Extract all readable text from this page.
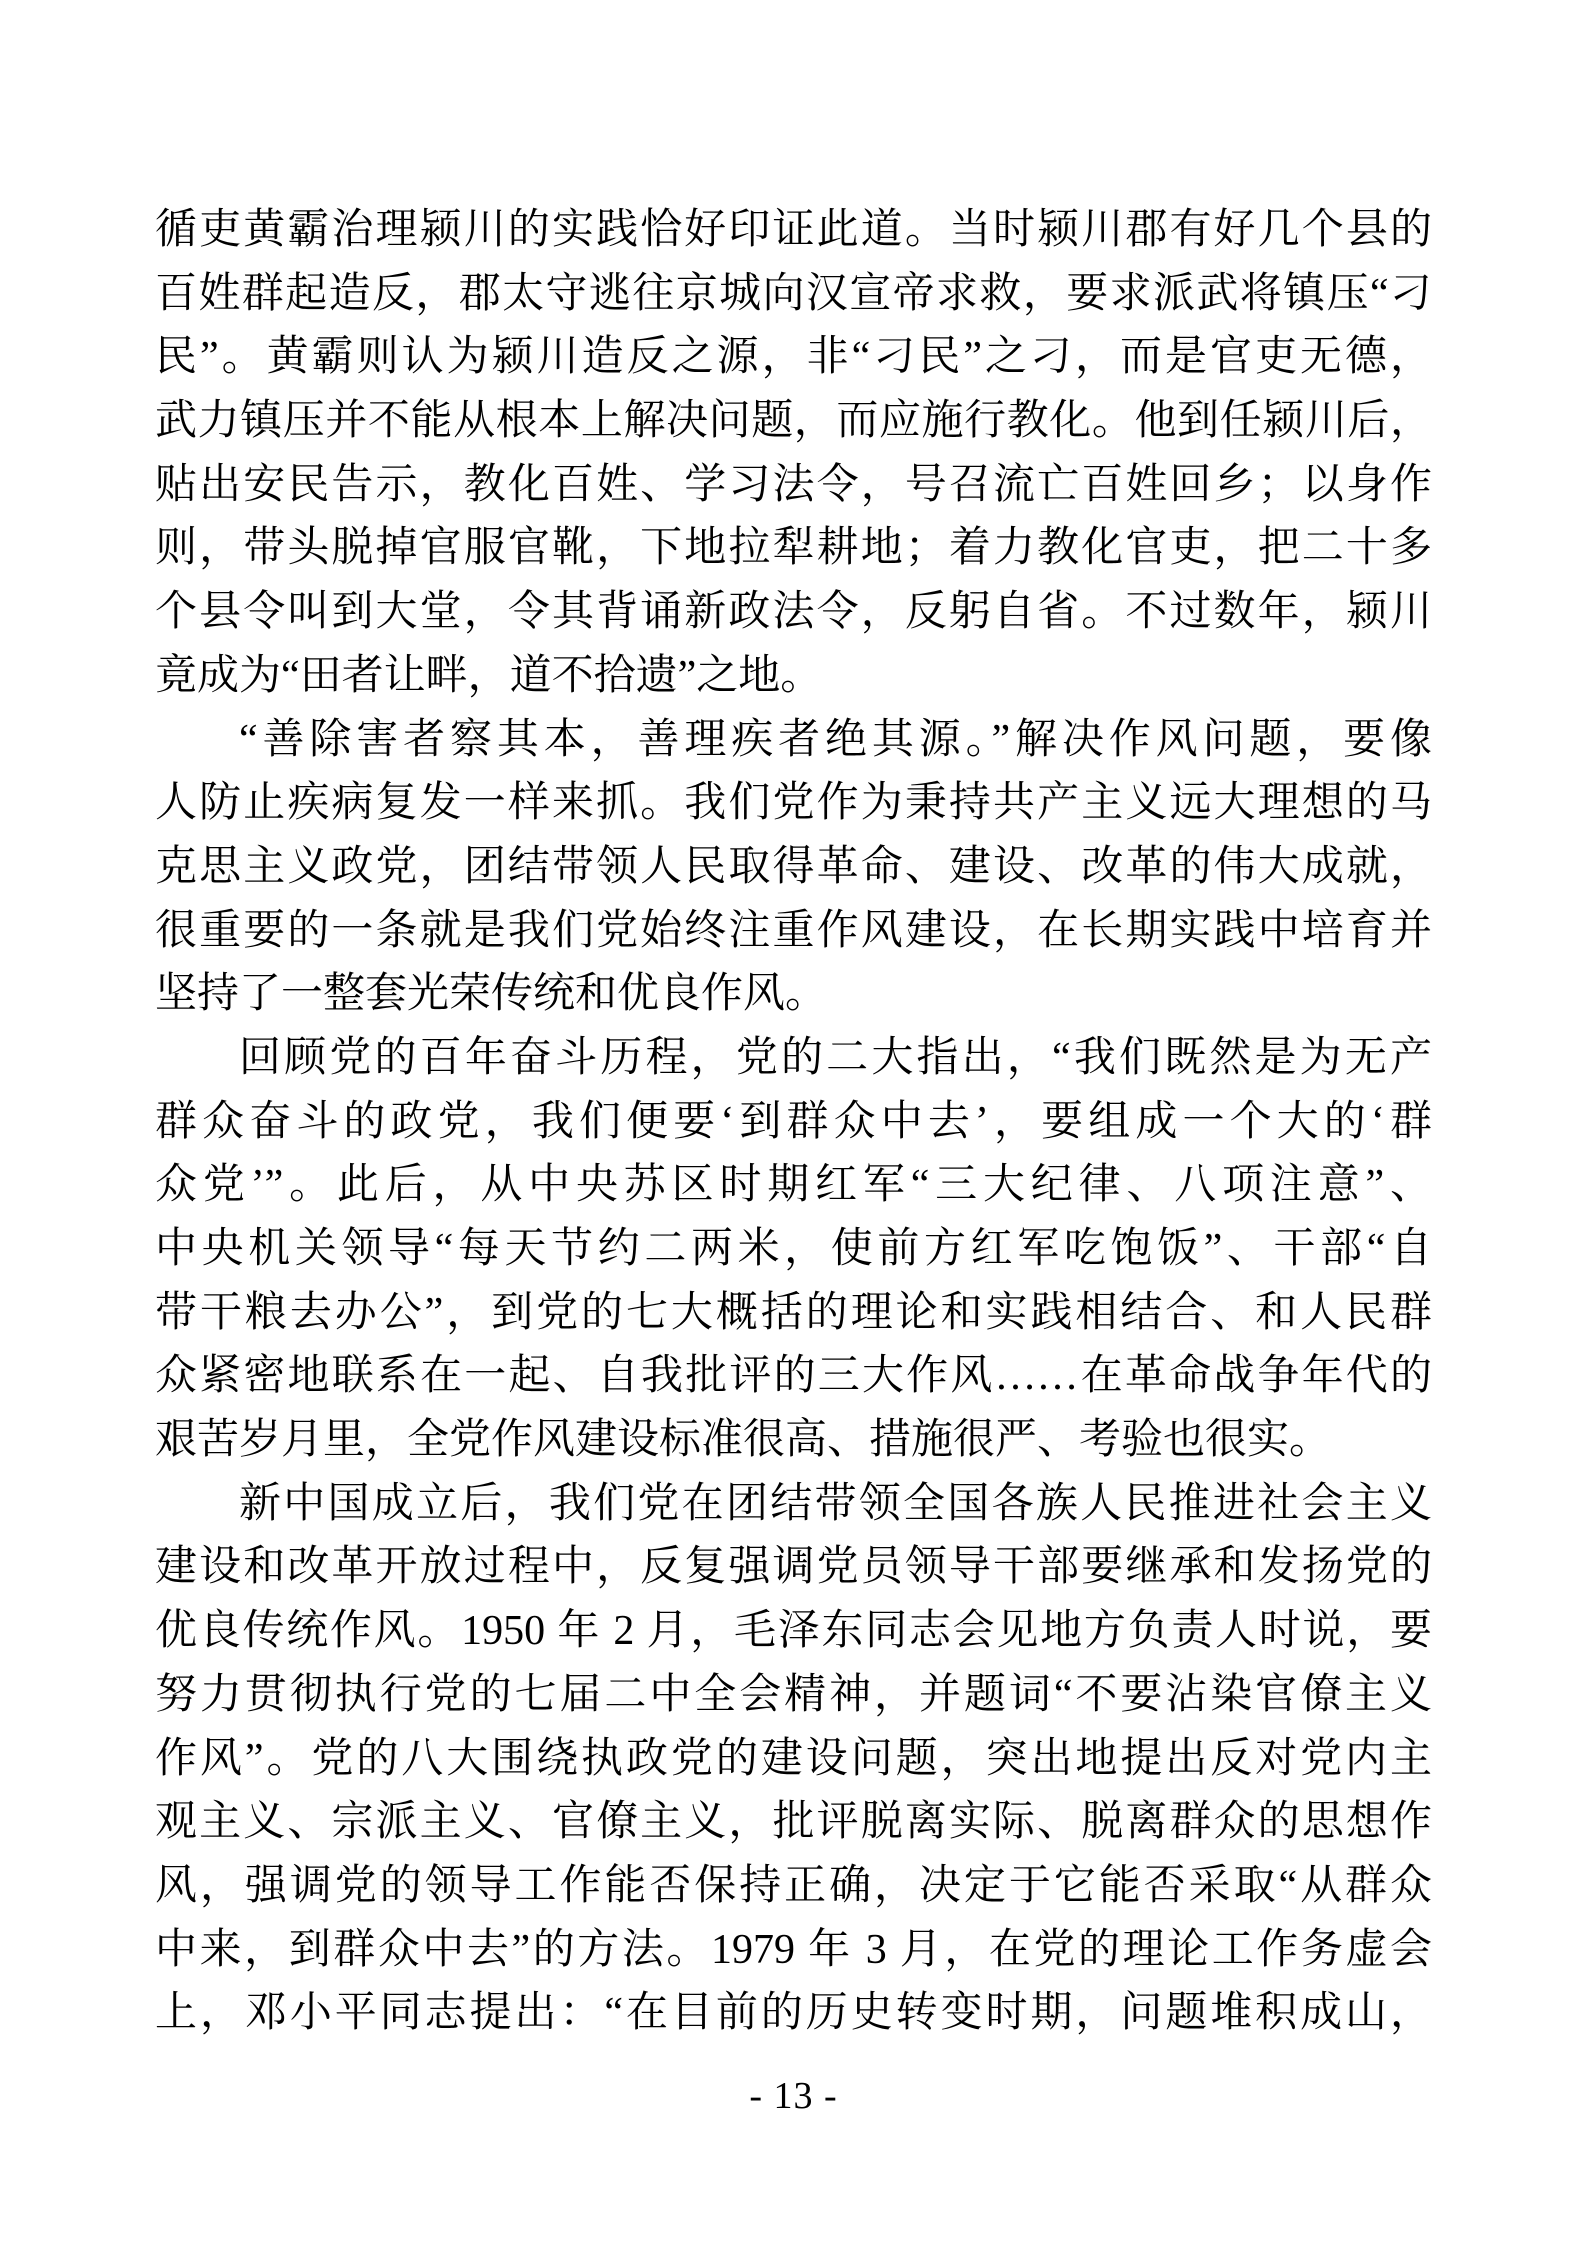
循吏黄霸治理颍川的实践恰好印证此道。当时颍川郡有好几个县的
百姓群起造反，郡太守逃往京城向汉宣帝求救，要求派武将镇压“刁
民”。黄霸则认为颍川造反之源，非“刁民”之刁，而是官吏无德，
武力镇压并不能从根本上解决问题，而应施行教化。他到任颍川后，
贴出安民告示，教化百姓、学习法令，号召流亡百姓回乡；以身作
则，带头脱掉官服官靴，下地拉犁耕地；着力教化官吏，把二十多
个县令叫到大堂，令其背诵新政法令，反躬自省。不过数年，颍川
竟成为“田者让畔，道不拾遗”之地。
“善除害者察其本，善理疾者绝其源。”解决作风问题，要像
人防止疾病复发一样来抓。我们党作为秉持共产主义远大理想的马
克思主义政党，团结带领人民取得革命、建设、改革的伟大成就，
很重要的一条就是我们党始终注重作风建设，在长期实践中培育并
坚持了一整套光荣传统和优良作风。
回顾党的百年奋斗历程，党的二大指出，“我们既然是为无产
群众奋斗的政党，我们便要‘到群众中去’，要组成一个大的‘群
众党’”。此后，从中央苏区时期红军“三大纪律、八项注意”、
中央机关领导“每天节约二两米，使前方红军吃饱饭”、干部“自
带干粮去办公”，到党的七大概括的理论和实践相结合、和人民群
众紧密地联系在一起、自我批评的三大作风……在革命战争年代的
艰苦岁月里，全党作风建设标准很高、措施很严、考验也很实。
新中国成立后，我们党在团结带领全国各族人民推进社会主义
建设和改革开放过程中，反复强调党员领导干部要继承和发扬党的
优良传统作风。1950 年 2 月，毛泽东同志会见地方负责人时说，要
努力贯彻执行党的七届二中全会精神，并题词“不要沾染官僚主义
作风”。党的八大围绕执政党的建设问题，突出地提出反对党内主
观主义、宗派主义、官僚主义，批评脱离实际、脱离群众的思想作
风，强调党的领导工作能否保持正确，决定于它能否采取“从群众
中来，到群众中去”的方法。1979 年 3 月，在党的理论工作务虚会
上，邓小平同志提出：“在目前的历史转变时期，问题堆积成山，
- 13 -
